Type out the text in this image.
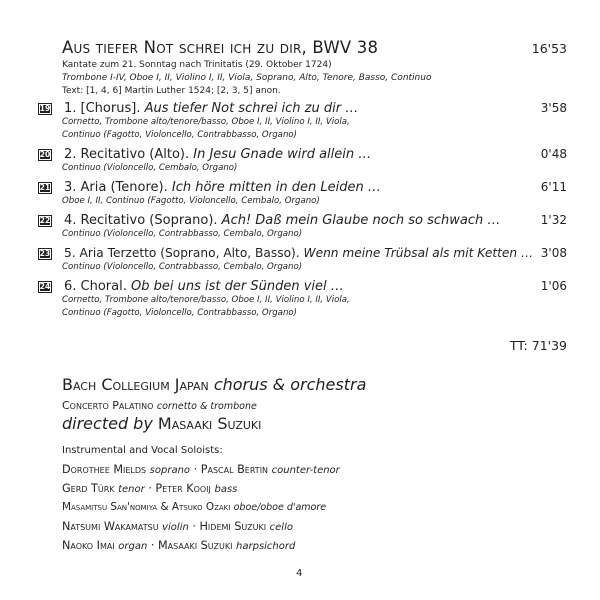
Aus tiefer Not schrei ich zu dir, BWV 38	16'53
Kantate zum 21. Sonntag nach Trinitatis (29. Oktober 1724)
Trombone I-IV, Oboe I, II, Violino I, II, Viola, Soprano, Alto, Tenore, Basso, Continuo
Text: [1, 4, 6] Martin Luther 1524; [2, 3, 5] anon.
19 1. [Chorus]. Aus tiefer Not schrei ich zu dir …	3'58
Cornetto, Trombone alto/tenore/basso, Oboe I, II, Violino I, II, Viola,
Continuo (Fagotto, Violoncello, Contrabbasso, Organo)
20 2. Recitativo (Alto). In Jesu Gnade wird allein …	0'48
Continuo (Violoncello, Cembalo, Organo)
21 3. Aria (Tenore). Ich höre mitten in den Leiden …	6'11
Oboe I, II, Continuo (Fagotto, Violoncello, Cembalo, Organo)
22 4. Recitativo (Soprano). Ach! Daß mein Glaube noch so schwach …	1'32
Continuo (Violoncello, Contrabbasso, Cembalo, Organo)
23 5. Aria Terzetto (Soprano, Alto, Basso). Wenn meine Trübsal als mit Ketten … 3'08
Continuo (Violoncello, Contrabbasso, Cembalo, Organo)
24 6. Choral. Ob bei uns ist der Sünden viel …	1'06
Cornetto, Trombone alto/tenore/basso, Oboe I, II, Violino I, II, Viola,
Continuo (Fagotto, Violoncello, Contrabbasso, Organo)
TT: 71'39
Bach Collegium Japan chorus & orchestra
Concerto Palatino cornetto & trombone
directed by Masaaki Suzuki
Instrumental and Vocal Soloists:
Dorothee Mields soprano · Pascal Bertin counter-tenor
Gerd Türk tenor · Peter Kooij bass
Masamitsu San'nomiya & Atsuko Ozaki oboe/oboe d'amore
Natsumi Wakamatsu violin · Hidemi Suzuki cello
Naoko Imai organ · Masaaki Suzuki harpsichord
4
